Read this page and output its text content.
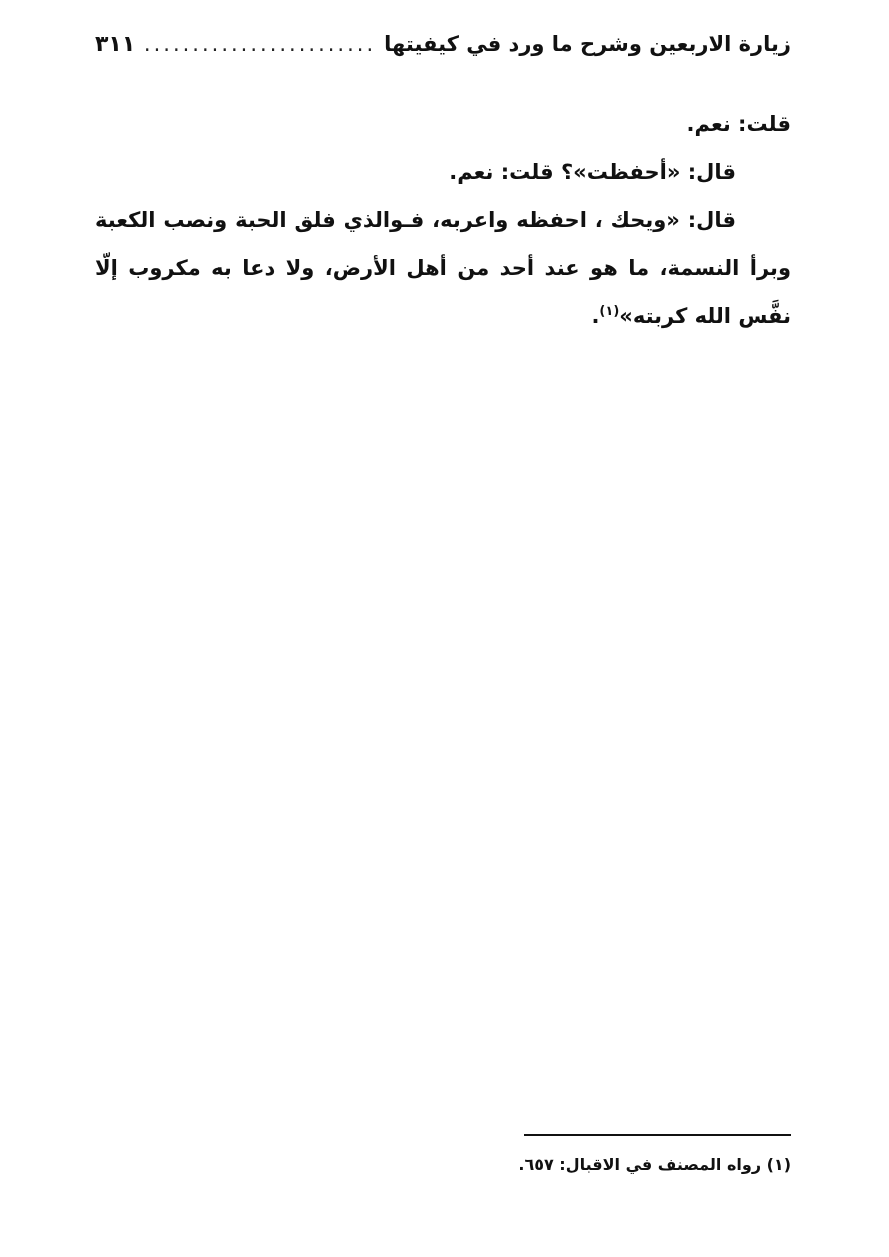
زيارة الاربعين وشرح ما ورد في كيفيتها
.....
٣١١

قلت: نعم.

قال: «أحفظت»؟ قلت: نعم.

قال: «ويحك ، احفظه واعربه، فـوالذي فلق الحبة ونصب الكعبة وبرأ النسمة، ما هو عند أحد من أهل الأرض، ولا دعا به مكروب إلّا نفَّس الله كربته»$^{(١)}$.

(١) رواه المصنف في الاقبال: ٦٥٧.
